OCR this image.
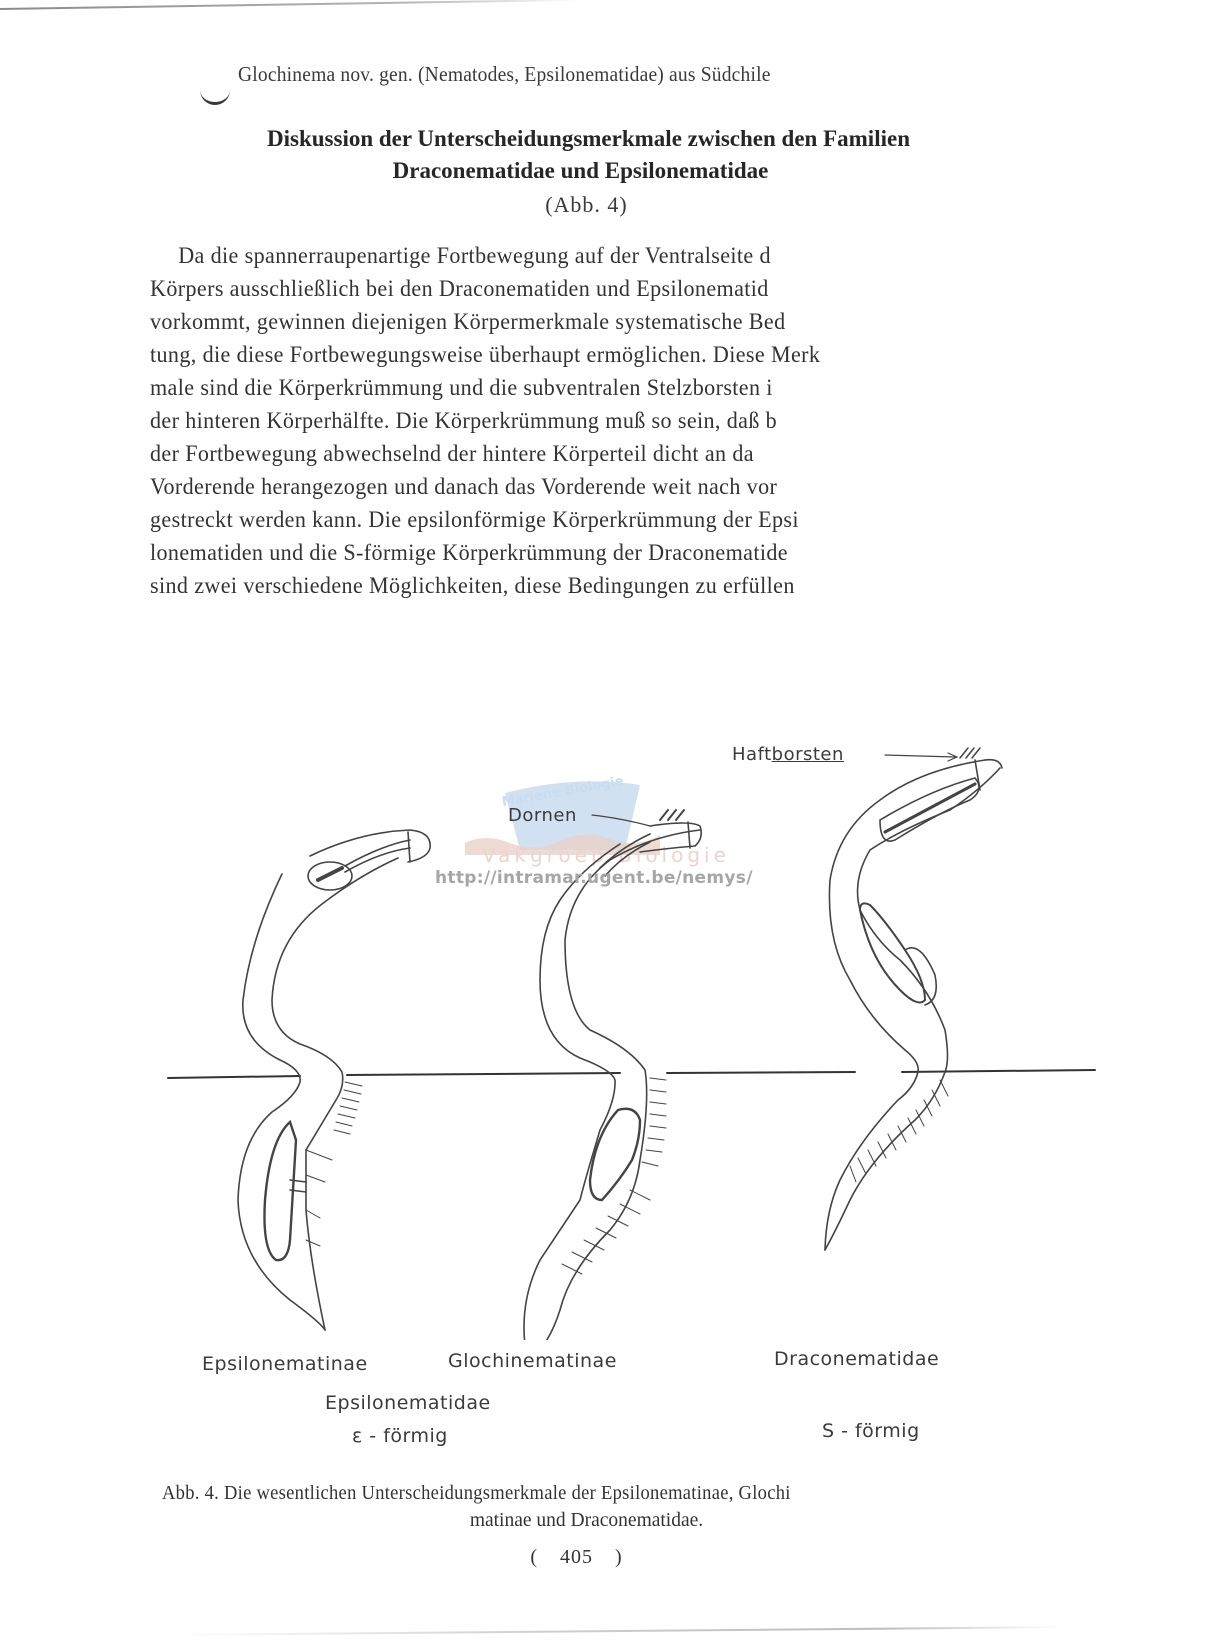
Glochinema nov. gen. (Nematodes, Epsilonematidae) aus Südchile
Diskussion der Unterscheidungsmerkmale zwischen den Familien
Draconematidae und Epsilonematidae
(Abb. 4)
Da die spannerraupenartige Fortbewegung auf der Ventralseite d
Körpers ausschließlich bei den Draconematiden und Epsilonematid
vorkommt, gewinnen diejenigen Körpermerkmale systematische Bed
tung, die diese Fortbewegungsweise überhaupt ermöglichen. Diese Merk
male sind die Körperkrümmung und die subventralen Stelzborsten i
der hinteren Körperhälfte. Die Körperkrümmung muß so sein, daß b
der Fortbewegung abwechselnd der hintere Körperteil dicht an da
Vorderende herangezogen und danach das Vorderende weit nach vor
gestreckt werden kann. Die epsilonförmige Körperkrümmung der Epsi
lonematiden und die S-förmige Körperkrümmung der Draconematide
sind zwei verschiedene Möglichkeiten, diese Bedingungen zu erfüllen
Mariene Biologie
Vakgroep Biologie
http://intramar.ugent.be/nemys/
Haftborsten
Dornen
Epsilonematinae	Glochinematinae	Draconematidae
Epsilonematidae
ε - förmig	S - förmig
Abb. 4. Die wesentlichen Unterscheidungsmerkmale der Epsilonematinae, Glochi
matinae und Draconematidae.
( 405 )
